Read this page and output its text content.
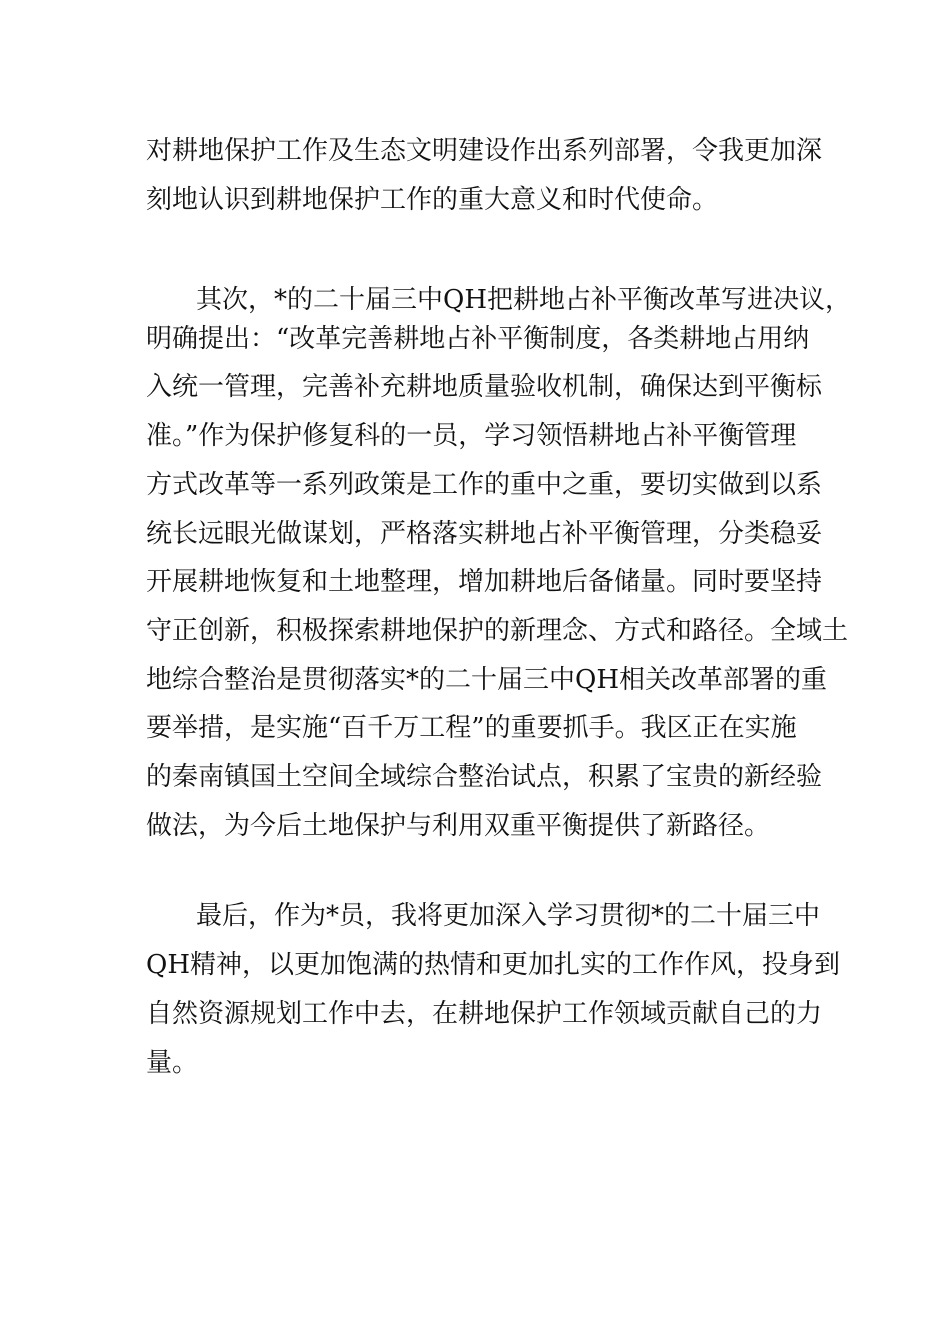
对耕地保护工作及生态文明建设作出系列部署，令我更加深

刻地认识到耕地保护工作的重大意义和时代使命。

其次，*的二十届三中QH把耕地占补平衡改革写进决议，

明确提出：“改革完善耕地占补平衡制度，各类耕地占用纳

入统一管理，完善补充耕地质量验收机制，确保达到平衡标

准。”作为保护修复科的一员，学习领悟耕地占补平衡管理

方式改革等一系列政策是工作的重中之重，要切实做到以系

统长远眼光做谋划，严格落实耕地占补平衡管理，分类稳妥

开展耕地恢复和土地整理，增加耕地后备储量。同时要坚持

守正创新，积极探索耕地保护的新理念、方式和路径。全域土

地综合整治是贯彻落实*的二十届三中QH相关改革部署的重

要举措，是实施“百千万工程”的重要抓手。我区正在实施

的秦南镇国土空间全域综合整治试点，积累了宝贵的新经验

做法，为今后土地保护与利用双重平衡提供了新路径。

最后，作为*员，我将更加深入学习贯彻*的二十届三中

QH精神，以更加饱满的热情和更加扎实的工作作风，投身到

自然资源规划工作中去，在耕地保护工作领域贡献自己的力

量。
